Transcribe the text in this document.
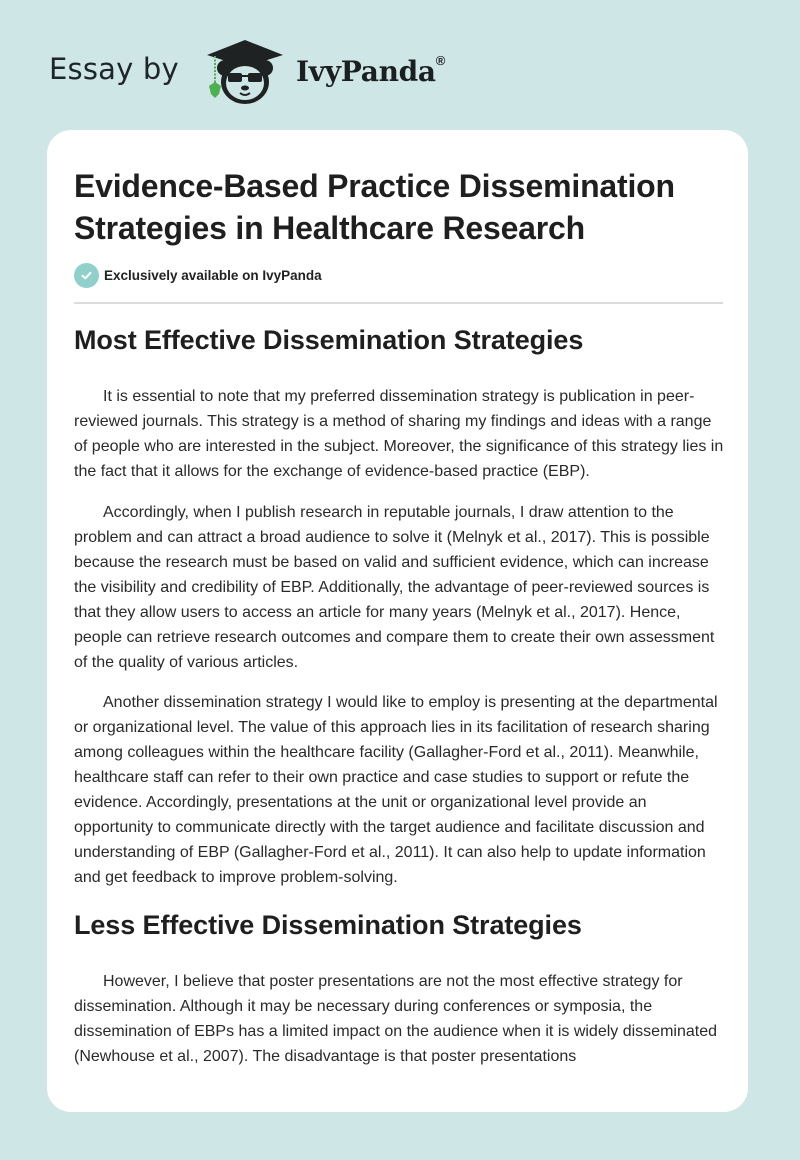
Essay by	IvyPanda®
Evidence-Based Practice Dissemination Strategies in Healthcare Research
Exclusively available on IvyPanda
Most Effective Dissemination Strategies

It is essential to note that my preferred dissemination strategy is publication in peer-reviewed journals. This strategy is a method of sharing my findings and ideas with a range of people who are interested in the subject. Moreover, the significance of this strategy lies in the fact that it allows for the exchange of evidence-based practice (EBP).

Accordingly, when I publish research in reputable journals, I draw attention to the problem and can attract a broad audience to solve it (Melnyk et al., 2017). This is possible because the research must be based on valid and sufficient evidence, which can increase the visibility and credibility of EBP. Additionally, the advantage of peer-reviewed sources is that they allow users to access an article for many years (Melnyk et al., 2017). Hence, people can retrieve research outcomes and compare them to create their own assessment of the quality of various articles.

Another dissemination strategy I would like to employ is presenting at the departmental or organizational level. The value of this approach lies in its facilitation of research sharing among colleagues within the healthcare facility (Gallagher-Ford et al., 2011). Meanwhile, healthcare staff can refer to their own practice and case studies to support or refute the evidence. Accordingly, presentations at the unit or organizational level provide an opportunity to communicate directly with the target audience and facilitate discussion and understanding of EBP (Gallagher-Ford et al., 2011). It can also help to update information and get feedback to improve problem-solving.

Less Effective Dissemination Strategies

However, I believe that poster presentations are not the most effective strategy for dissemination. Although it may be necessary during conferences or symposia, the dissemination of EBPs has a limited impact on the audience when it is widely disseminated (Newhouse et al., 2007). The disadvantage is that poster presentations
